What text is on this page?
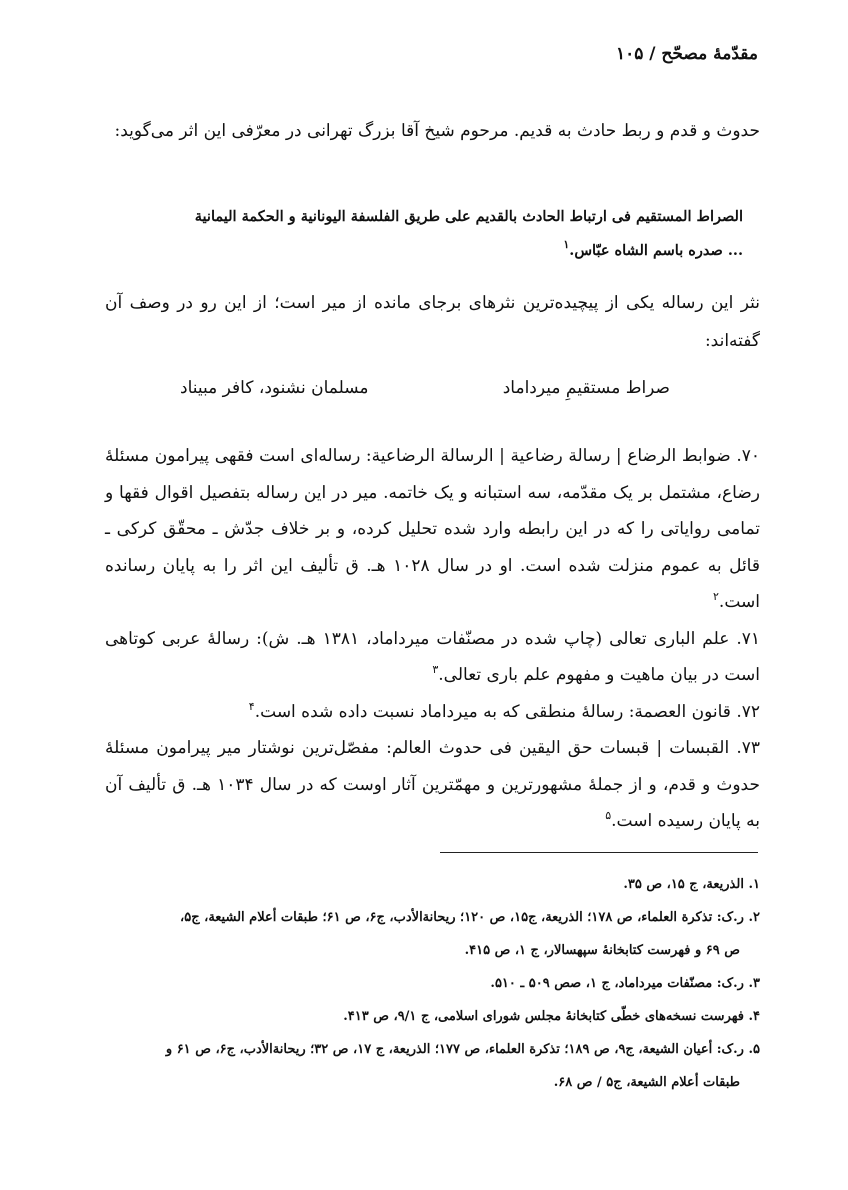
مقدّمهٔ مصحّح / ۱۰۵

حدوث و قدم و ربط حادث به قدیم. مرحوم شیخ آقا بزرگ تهرانی در معرّفی این اثر می‌گوید:

الصراط المستقیم فی ارتباط الحادث بالقدیم علی طریق الفلسفة الیونانیة و الحکمة الیمانیة
... صدره باسم الشاه عبّاس.$^۱$

نثر این رساله یکی از پیچیده‌ترین نثرهای برجای مانده از میر است؛ از این رو در وصف آن گفته‌اند:

صراط مستقیمِ میرداماد
مسلمان نشنود، کافر مبیناد

۷۰. ضوابط الرضاع | رسالة رضاعیة | الرسالة الرضاعیة: رساله‌ای است فقهی پیرامون مسئلهٔ رضاع، مشتمل بر یک مقدّمه، سه استبانه و یک خاتمه. میر در این رساله بتفصیل اقوال فقها و تمامی روایاتی را که در این رابطه وارد شده تحلیل کرده، و بر خلاف جدّش ـ محقّق کرکی ـ قائل به عموم منزلت شده است. او در سال ۱۰۲۸ هـ. ق تألیف این اثر را به پایان رسانده است.$^۲$

۷۱. علم الباری تعالی (چاپ شده در مصنّفات میرداماد، ۱۳۸۱ هـ. ش): رسالهٔ عربی کوتاهی است در بیان ماهیت و مفهوم علم باری تعالی.$^۳$

۷۲. قانون العصمة: رسالهٔ منطقی که به میرداماد نسبت داده شده است.$^۴$

۷۳. القبسات | قبسات حق الیقین فی حدوث العالم: مفصّل‌ترین نوشتار میر پیرامون مسئلهٔ حدوث و قدم، و از جملهٔ مشهورترین و مهمّترین آثار اوست که در سال ۱۰۳۴ هـ. ق تألیف آن به پایان رسیده است.$^۵$

۱. الذریعة، ج ۱۵، ص ۳۵.

۲. ر.ک: تذکرة العلماء، ص ۱۷۸؛ الذریعة، ج۱۵، ص ۱۲۰؛ ریحانة‌الأدب، ج۶، ص ۶۱؛ طبقات أعلام الشیعة، ج۵،

ص ۶۹ و فهرست کتابخانهٔ سپهسالار، ج ۱، ص ۴۱۵.

۳. ر.ک: مصنّفات میرداماد، ج ۱، صص ۵۰۹ ـ ۵۱۰.

۴. فهرست نسخه‌های خطّی کتابخانهٔ مجلس شورای اسلامی، ج ۹/۱، ص ۴۱۳.

۵. ر.ک: أعیان الشیعة، ج۹، ص ۱۸۹؛ تذکرة العلماء، ص ۱۷۷؛ الذریعة، ج ۱۷، ص ۳۲؛ ریحانة‌الأدب، ج۶، ص ۶۱ و

طبقات أعلام الشیعة، ج۵ / ص ۶۸.
